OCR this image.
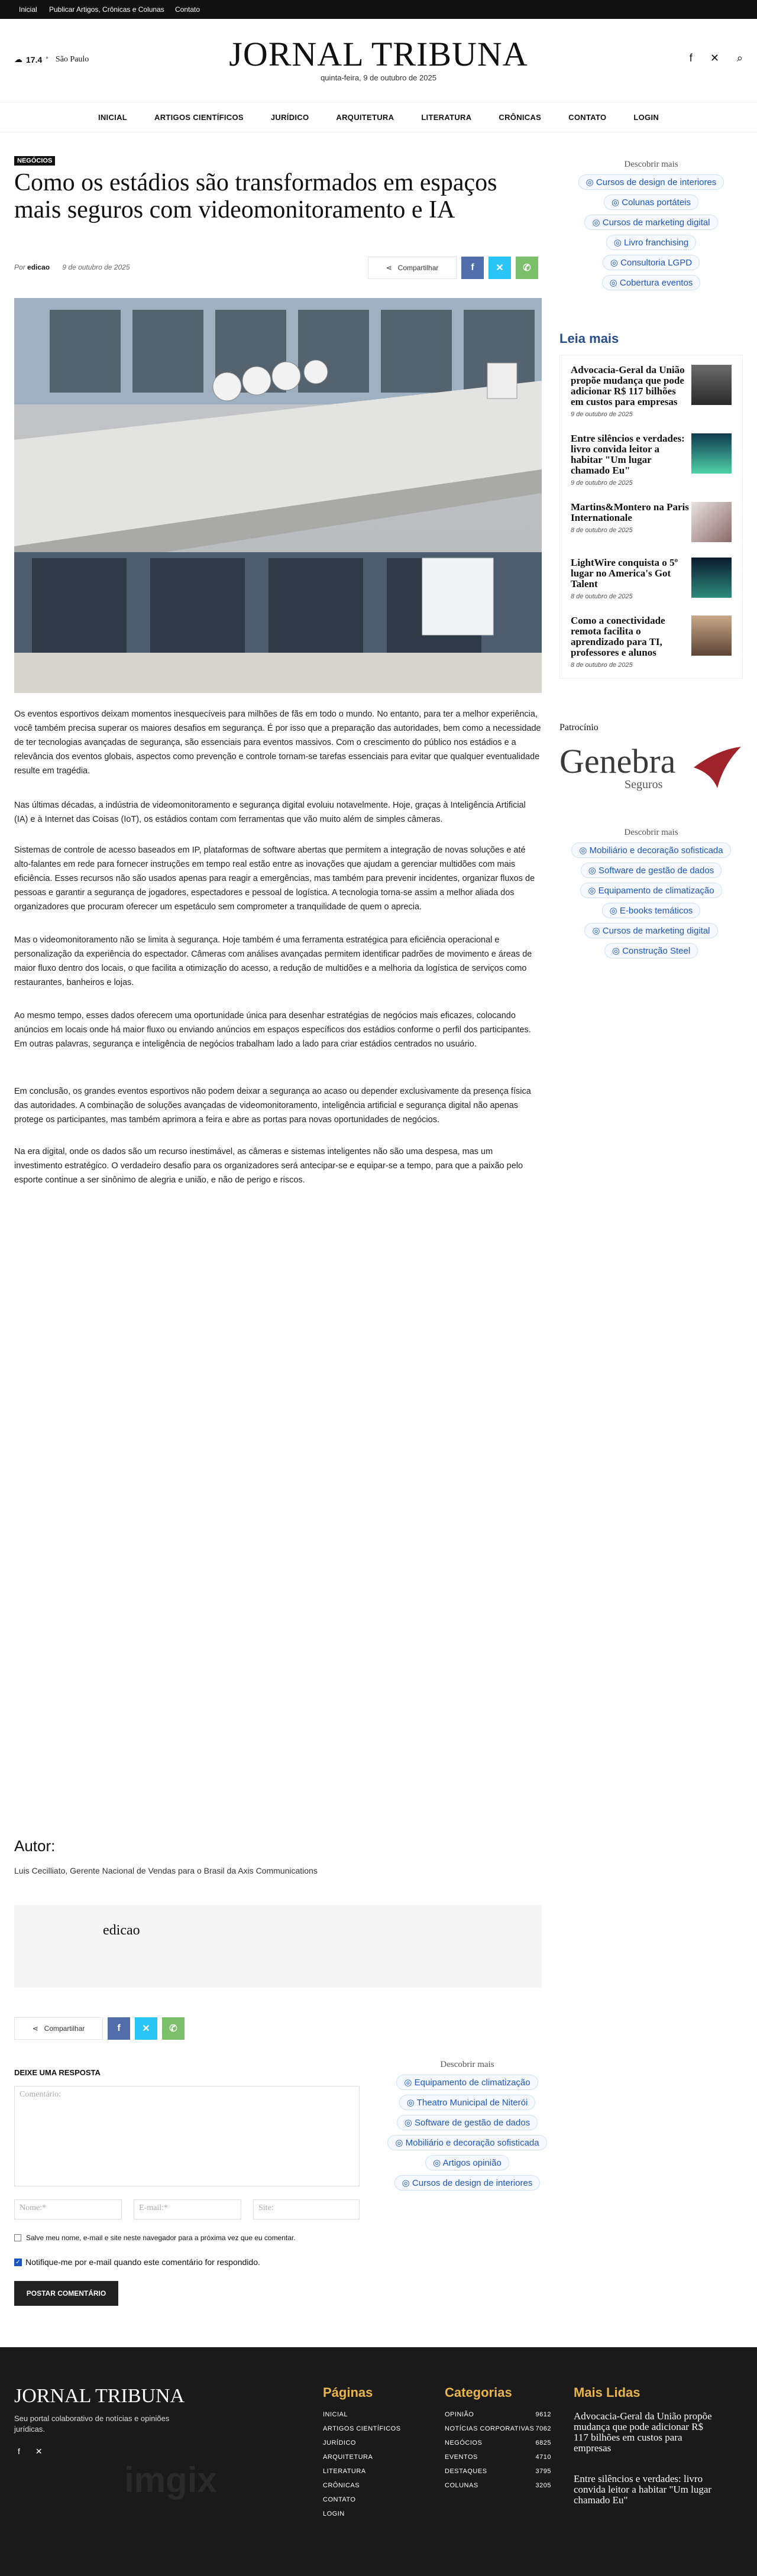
Inicial Publicar Artigos, Crônicas e Colunas Contato
☁ 17.4 ° São Paulo	JORNAL TRIBUNA
quinta-feira, 9 de outubro de 2025
f ✕ ⌕
INICIAL	ARTIGOS CIENTÍFICOS	JURÍDICO	ARQUITETURA	LITERATURA	CRÔNICAS	CONTATO	LOGIN
NEGÓCIOS
Como os estádios são transformados em espaços mais seguros com videomonitoramento e IA
Por edicao 9 de outubro de 2025	⋖ Compartilhar	f	✕	✆

Os eventos esportivos deixam momentos inesquecíveis para milhões de fãs em todo o mundo. No entanto, para ter a melhor experiência, você também precisa superar os maiores desafios em segurança. É por isso que a preparação das autoridades, bem como a necessidade de ter tecnologias avançadas de segurança, são essenciais para eventos massivos. Com o crescimento do público nos estádios e a relevância dos eventos globais, aspectos como prevenção e controle tornam-se tarefas essenciais para evitar que qualquer eventualidade resulte em tragédia.

Nas últimas décadas, a indústria de videomonitoramento e segurança digital evoluiu notavelmente. Hoje, graças à Inteligência Artificial (IA) e à Internet das Coisas (IoT), os estádios contam com ferramentas que vão muito além de simples câmeras.

Sistemas de controle de acesso baseados em IP, plataformas de software abertas que permitem a integração de novas soluções e até alto-falantes em rede para fornecer instruções em tempo real estão entre as inovações que ajudam a gerenciar multidões com mais eficiência. Esses recursos não são usados apenas para reagir a emergências, mas também para prevenir incidentes, organizar fluxos de pessoas e garantir a segurança de jogadores, espectadores e pessoal de logística. A tecnologia torna-se assim a melhor aliada dos organizadores que procuram oferecer um espetáculo sem comprometer a tranquilidade de quem o aprecia.

Mas o videomonitoramento não se limita à segurança. Hoje também é uma ferramenta estratégica para eficiência operacional e personalização da experiência do espectador. Câmeras com análises avançadas permitem identificar padrões de movimento e áreas de maior fluxo dentro dos locais, o que facilita a otimização do acesso, a redução de multidões e a melhoria da logística de serviços como restaurantes, banheiros e lojas.

Ao mesmo tempo, esses dados oferecem uma oportunidade única para desenhar estratégias de negócios mais eficazes, colocando anúncios em locais onde há maior fluxo ou enviando anúncios em espaços específicos dos estádios conforme o perfil dos participantes. Em outras palavras, segurança e inteligência de negócios trabalham lado a lado para criar estádios centrados no usuário.

Em conclusão, os grandes eventos esportivos não podem deixar a segurança ao acaso ou depender exclusivamente da presença física das autoridades. A combinação de soluções avançadas de videomonitoramento, inteligência artificial e segurança digital não apenas protege os participantes, mas também aprimora a feira e abre as portas para novas oportunidades de negócios.

Na era digital, onde os dados são um recurso inestimável, as câmeras e sistemas inteligentes não são uma despesa, mas um investimento estratégico. O verdadeiro desafio para os organizadores será antecipar-se e equipar-se a tempo, para que a paixão pelo esporte continue a ser sinônimo de alegria e união, e não de perigo e riscos.

Autor:
Luis Cecilliato, Gerente Nacional de Vendas para o Brasil da Axis Communications
edicao
Descobrir mais
◎ Cursos de design de interiores
◎ Colunas portáteis
◎ Cursos de marketing digital
◎ Livro franchising
◎ Consultoria LGPD
◎ Cobertura eventos
Leia mais
Advocacia-Geral da União propõe mudança que pode adicionar R$ 117 bilhões em custos para empresas
9 de outubro de 2025
Entre silêncios e verdades: livro convida leitor a habitar "Um lugar chamado Eu"
9 de outubro de 2025
Martins&Montero na Paris Internationale
8 de outubro de 2025
LightWire conquista o 5º lugar no America's Got Talent
8 de outubro de 2025
Como a conectividade remota facilita o aprendizado para TI, professores e alunos
8 de outubro de 2025
Patrocínio
Genebra
Seguros
Descobrir mais
◎ Mobiliário e decoração sofisticada
◎ Software de gestão de dados
◎ Equipamento de climatização
◎ E-books temáticos
◎ Cursos de marketing digital
◎ Construção Steel
⋖ Compartilhar	f	✕	✆
DEIXE UMA RESPOSTA
Comentário:
Nome:*	E-mail:*	Site:
Salve meu nome, e-mail e site neste navegador para a próxima vez que eu comentar.
✓ Notifique-me por e-mail quando este comentário for respondido.
POSTAR COMENTÁRIO
Descobrir mais
◎ Equipamento de climatização
◎ Theatro Municipal de Niterói
◎ Software de gestão de dados
◎ Mobiliário e decoração sofisticada
◎ Artigos opinião
◎ Cursos de design de interiores
imgix
JORNAL TRIBUNA
Seu portal colaborativo de notícias e opiniões jurídicas.
f ✕
Páginas
INICIAL
ARTIGOS CIENTÍFICOS
JURÍDICO
ARQUITETURA
LITERATURA
CRÔNICAS
CONTATO
LOGIN
Categorias
OPINIÃO	9612
NOTÍCIAS CORPORATIVAS 7062
NEGÓCIOS	6825
EVENTOS	4710
DESTAQUES	3795
COLUNAS	3205
Mais Lidas
Advocacia-Geral da União propõe mudança que pode adicionar R$ 117 bilhões em custos para empresas
Entre silêncios e verdades: livro convida leitor a habitar "Um lugar chamado Eu"
